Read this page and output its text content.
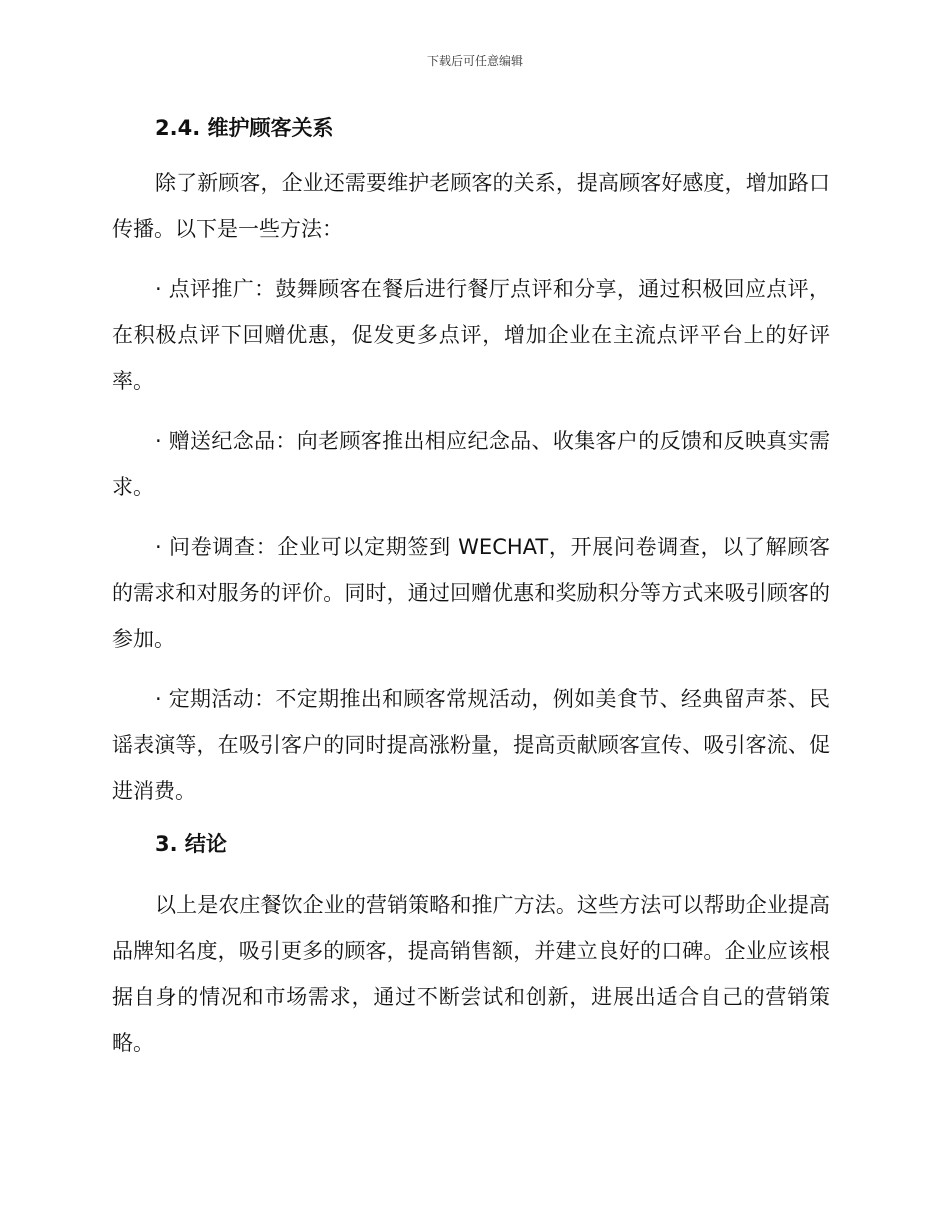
下载后可任意编辑
2.4. 维护顾客关系

除了新顾客，企业还需要维护老顾客的关系，提高顾客好感度，增加路口传播。以下是一些方法：

· 点评推广：鼓舞顾客在餐后进行餐厅点评和分享，通过积极回应点评，在积极点评下回赠优惠，促发更多点评，增加企业在主流点评平台上的好评率。

· 赠送纪念品：向老顾客推出相应纪念品、收集客户的反馈和反映真实需求。

· 问卷调查：企业可以定期签到 WECHAT，开展问卷调查，以了解顾客的需求和对服务的评价。同时，通过回赠优惠和奖励积分等方式来吸引顾客的参加。

· 定期活动：不定期推出和顾客常规活动，例如美食节、经典留声茶、民谣表演等，在吸引客户的同时提高涨粉量，提高贡献顾客宣传、吸引客流、促进消费。

3. 结论

以上是农庄餐饮企业的营销策略和推广方法。这些方法可以帮助企业提高品牌知名度，吸引更多的顾客，提高销售额，并建立良好的口碑。企业应该根据自身的情况和市场需求，通过不断尝试和创新，进展出适合自己的营销策略。
